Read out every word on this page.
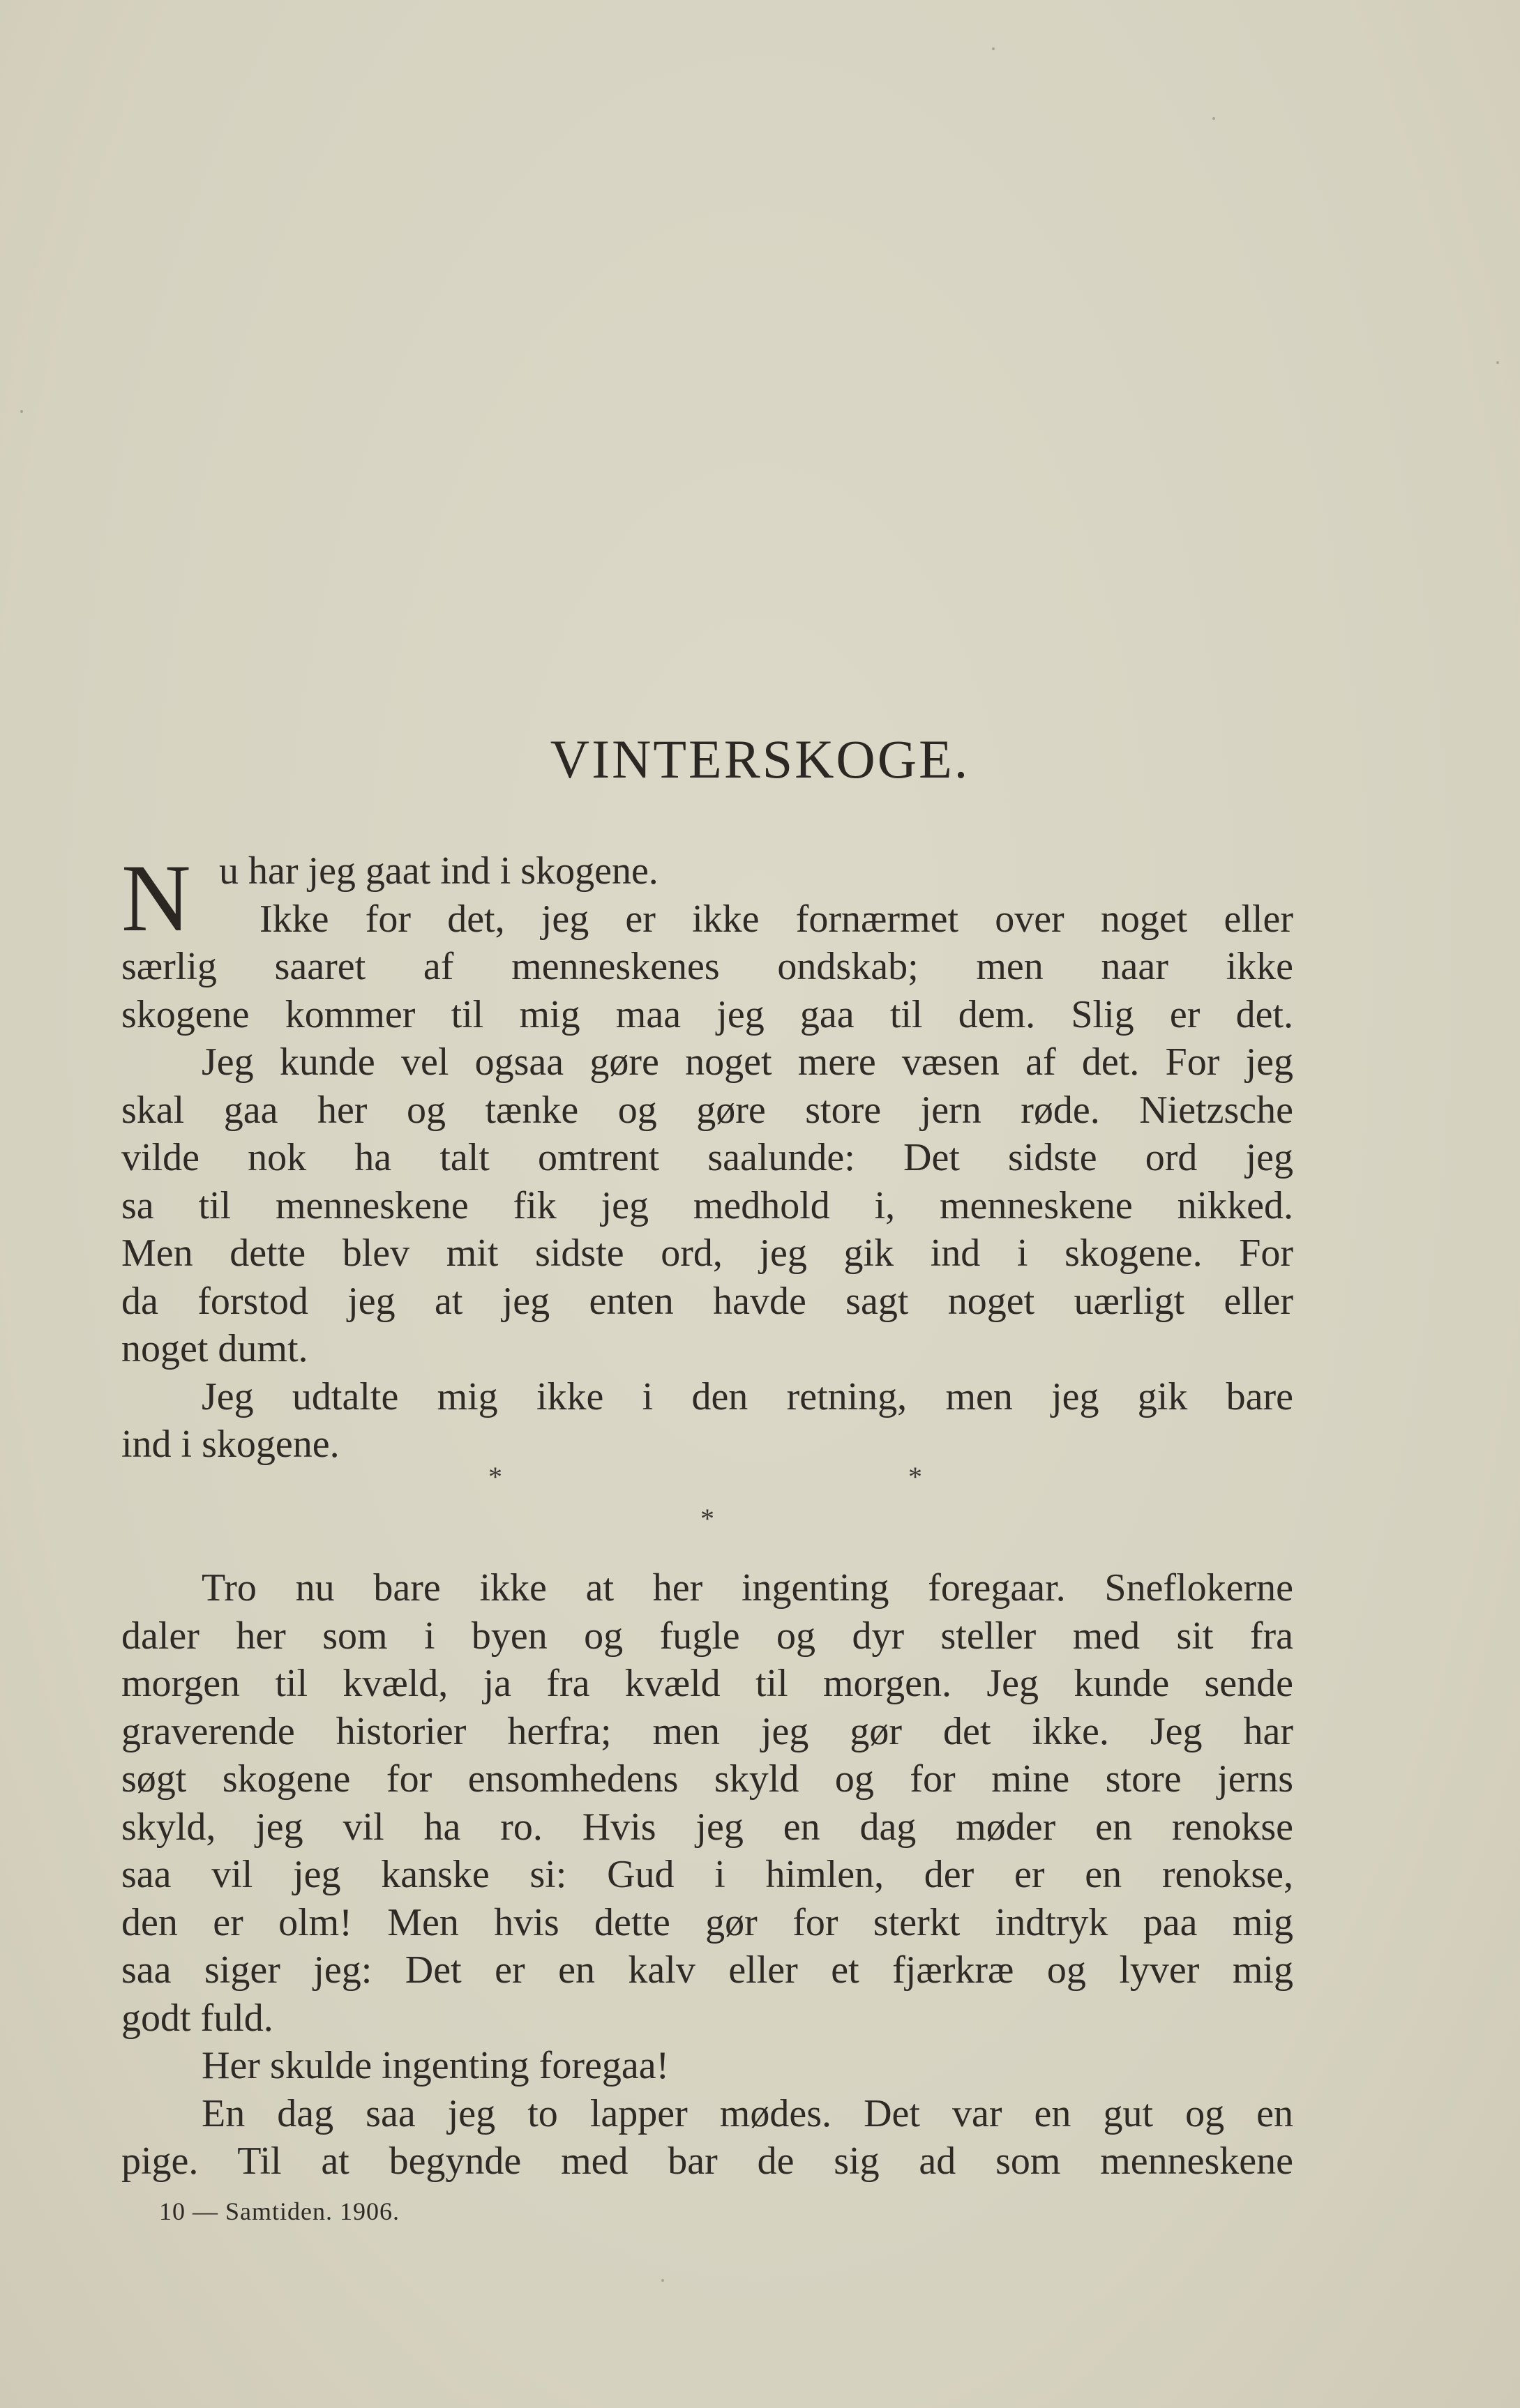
VINTERSKOGE.
N u har jeg gaat ind i skogene.
Ikke for det, jeg er ikke fornærmet over noget eller
særlig saaret af menneskenes ondskab; men naar ikke
skogene kommer til mig maa jeg gaa til dem. Slig er det.
Jeg kunde vel ogsaa gøre noget mere væsen af det. For jeg
skal gaa her og tænke og gøre store jern røde. Nietzsche
vilde nok ha talt omtrent saalunde: Det sidste ord jeg
sa til menneskene fik jeg medhold i, menneskene nikked.
Men dette blev mit sidste ord, jeg gik ind i skogene. For
da forstod jeg at jeg enten havde sagt noget uærligt eller
noget dumt.
Jeg udtalte mig ikke i den retning, men jeg gik bare
ind i skogene.
*	*
*
Tro nu bare ikke at her ingenting foregaar. Sneflokerne
daler her som i byen og fugle og dyr steller med sit fra
morgen til kvæld, ja fra kvæld til morgen. Jeg kunde sende
graverende historier herfra; men jeg gør det ikke. Jeg har
søgt skogene for ensomhedens skyld og for mine store jerns
skyld, jeg vil ha ro. Hvis jeg en dag møder en renokse
saa vil jeg kanske si: Gud i himlen, der er en renokse,
den er olm! Men hvis dette gør for sterkt indtryk paa mig
saa siger jeg: Det er en kalv eller et fjærkræ og lyver mig
godt fuld.
Her skulde ingenting foregaa!
En dag saa jeg to lapper mødes. Det var en gut og en
pige. Til at begynde med bar de sig ad som menneskene
10 — Samtiden. 1906.
